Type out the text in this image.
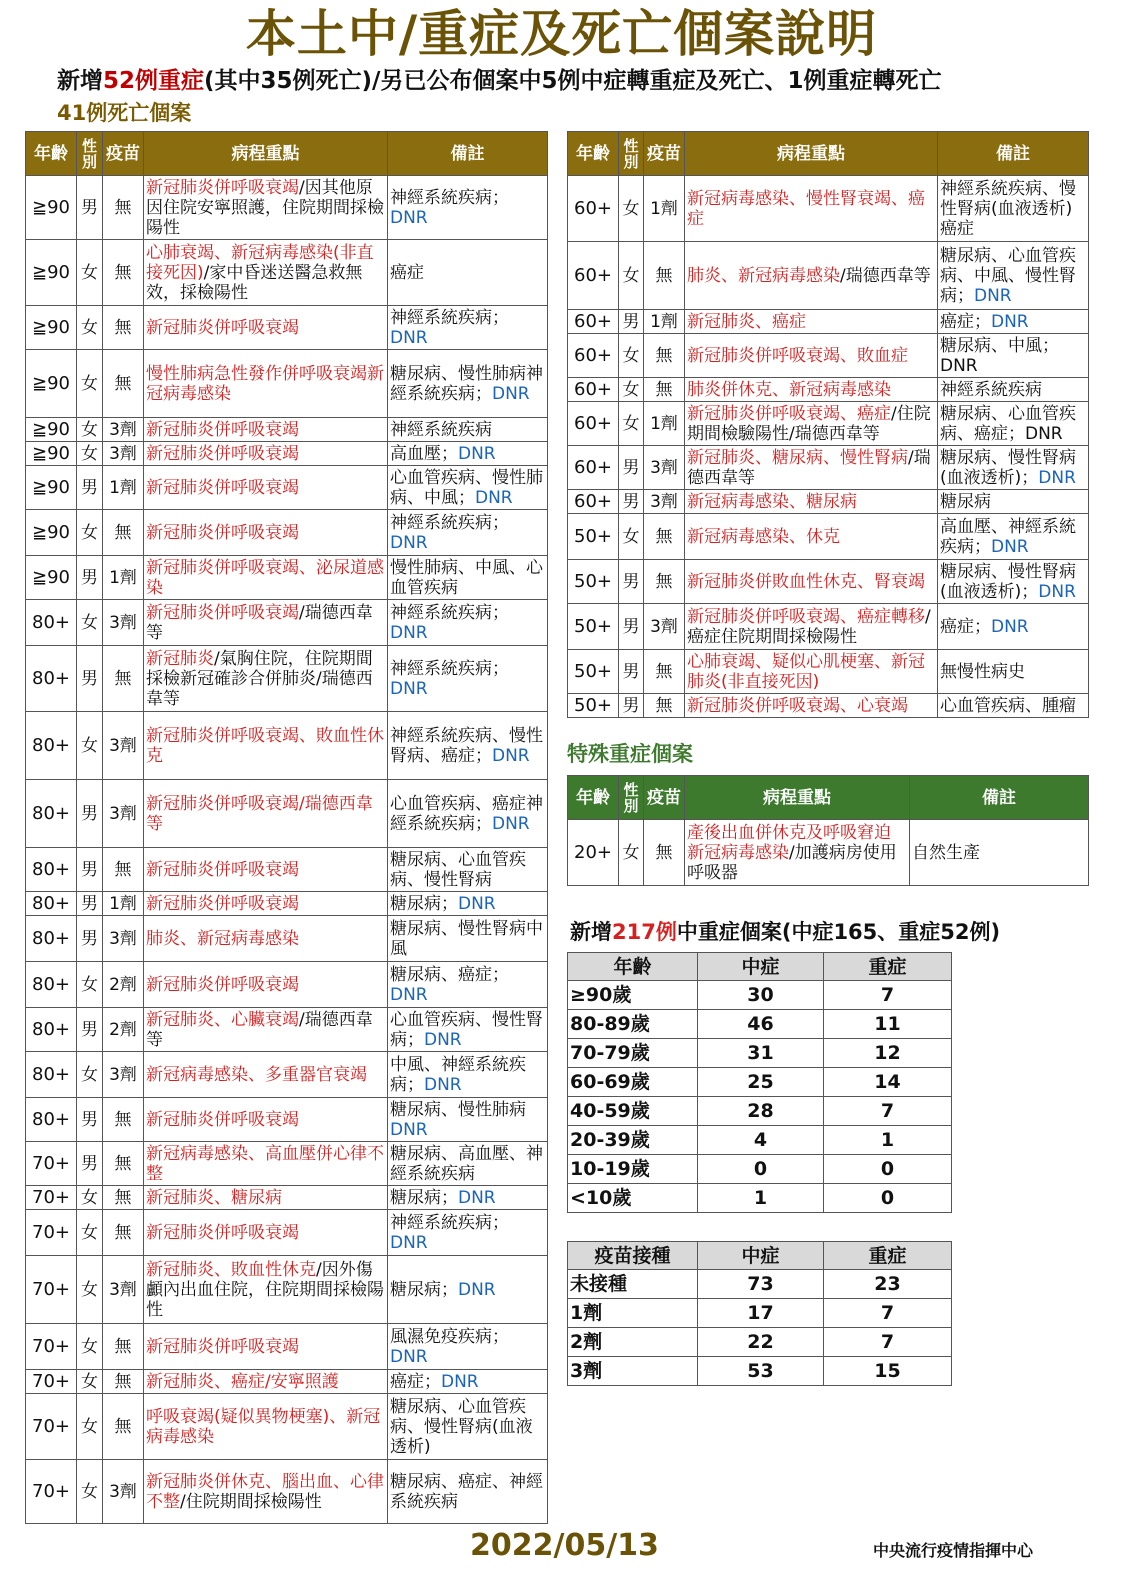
本土中/重症及死亡個案說明
新增52例重症(其中35例死亡)/另已公布個案中5例中症轉重症及死亡、1例重症轉死亡
41例死亡個案
年齡	性別	疫苗	病程重點	備註
≧90	男	無	新冠肺炎併呼吸衰竭/因其他原因住院安寧照護，住院期間採檢陽性	神經系統疾病；DNR
≧90	女	無	心肺衰竭、新冠病毒感染(非直接死因)/家中昏迷送醫急救無效，採檢陽性	癌症
≧90	女	無	新冠肺炎併呼吸衰竭	神經系統疾病；DNR
≧90	女	無	慢性肺病急性發作併呼吸衰竭新冠病毒感染	糖尿病、慢性肺病神經系統疾病；DNR
≧90	女	3劑	新冠肺炎併呼吸衰竭	神經系統疾病
≧90	女	3劑	新冠肺炎併呼吸衰竭	高血壓；DNR
≧90	男	1劑	新冠肺炎併呼吸衰竭	心血管疾病、慢性肺病、中風；DNR
≧90	女	無	新冠肺炎併呼吸衰竭	神經系統疾病；DNR
≧90	男	1劑	新冠肺炎併呼吸衰竭、泌尿道感染	慢性肺病、中風、心血管疾病
80+	女	3劑	新冠肺炎併呼吸衰竭/瑞德西韋等	神經系統疾病；DNR
80+	男	無	新冠肺炎/氣胸住院，住院期間採檢新冠確診合併肺炎/瑞德西韋等	神經系統疾病；DNR
80+	女	3劑	新冠肺炎併呼吸衰竭、敗血性休克	神經系統疾病、慢性腎病、癌症；DNR
80+	男	3劑	新冠肺炎併呼吸衰竭/瑞德西韋等	心血管疾病、癌症神經系統疾病；DNR
80+	男	無	新冠肺炎併呼吸衰竭	糖尿病、心血管疾病、慢性腎病
80+	男	1劑	新冠肺炎併呼吸衰竭	糖尿病；DNR
80+	男	3劑	肺炎、新冠病毒感染	糖尿病、慢性腎病中風
80+	女	2劑	新冠肺炎併呼吸衰竭	糖尿病、癌症；DNR
80+	男	2劑	新冠肺炎、心臟衰竭/瑞德西韋等	心血管疾病、慢性腎病；DNR
80+	女	3劑	新冠病毒感染、多重器官衰竭	中風、神經系統疾病；DNR
80+	男	無	新冠肺炎併呼吸衰竭	糖尿病、慢性肺病DNR
70+	男	無	新冠病毒感染、高血壓併心律不整	糖尿病、高血壓、神經系統疾病
70+	女	無	新冠肺炎、糖尿病	糖尿病；DNR
70+	女	無	新冠肺炎併呼吸衰竭	神經系統疾病；DNR
70+	女	3劑	新冠肺炎、敗血性休克/因外傷顱內出血住院，住院期間採檢陽性	糖尿病；DNR
70+	女	無	新冠肺炎併呼吸衰竭	風濕免疫疾病；DNR
70+	女	無	新冠肺炎、癌症/安寧照護	癌症；DNR
70+	女	無	呼吸衰竭(疑似異物梗塞)、新冠病毒感染	糖尿病、心血管疾病、慢性腎病(血液透析)
70+	女	3劑	新冠肺炎併休克、腦出血、心律不整/住院期間採檢陽性	糖尿病、癌症、神經系統疾病
年齡	性別	疫苗	病程重點	備註
60+	女	1劑	新冠病毒感染、慢性腎衰竭、癌症	神經系統疾病、慢性腎病(血液透析)癌症
60+	女	無	肺炎、新冠病毒感染/瑞德西韋等	糖尿病、心血管疾病、中風、慢性腎病；DNR
60+	男	1劑	新冠肺炎、癌症	癌症；DNR
60+	女	無	新冠肺炎併呼吸衰竭、敗血症	糖尿病、中風；DNR
60+	女	無	肺炎併休克、新冠病毒感染	神經系統疾病
60+	女	1劑	新冠肺炎併呼吸衰竭、癌症/住院期間檢驗陽性/瑞德西韋等	糖尿病、心血管疾病、癌症；DNR
60+	男	3劑	新冠肺炎、糖尿病、慢性腎病/瑞德西韋等	糖尿病、慢性腎病(血液透析)；DNR
60+	男	3劑	新冠病毒感染、糖尿病	糖尿病
50+	女	無	新冠病毒感染、休克	高血壓、神經系統疾病；DNR
50+	男	無	新冠肺炎併敗血性休克、腎衰竭	糖尿病、慢性腎病(血液透析)；DNR
50+	男	3劑	新冠肺炎併呼吸衰竭、癌症轉移/癌症住院期間採檢陽性	癌症；DNR
50+	男	無	心肺衰竭、疑似心肌梗塞、新冠肺炎(非直接死因)	無慢性病史
50+	男	無	新冠肺炎併呼吸衰竭、心衰竭	心血管疾病、腫瘤
特殊重症個案
年齡	性別	疫苗	病程重點	備註
20+	女	無	產後出血併休克及呼吸窘迫新冠病毒感染/加護病房使用呼吸器	自然生產
新增217例中重症個案(中症165、重症52例)
年齡	中症	重症
≥90歲	30	7
80-89歲	46	11
70-79歲	31	12
60-69歲	25	14
40-59歲	28	7
20-39歲	4	1
10-19歲	0	0
<10歲	1	0
疫苗接種	中症	重症
未接種	73	23
1劑	17	7
2劑	22	7
3劑	53	15
2022/05/13	中央流行疫情指揮中心
